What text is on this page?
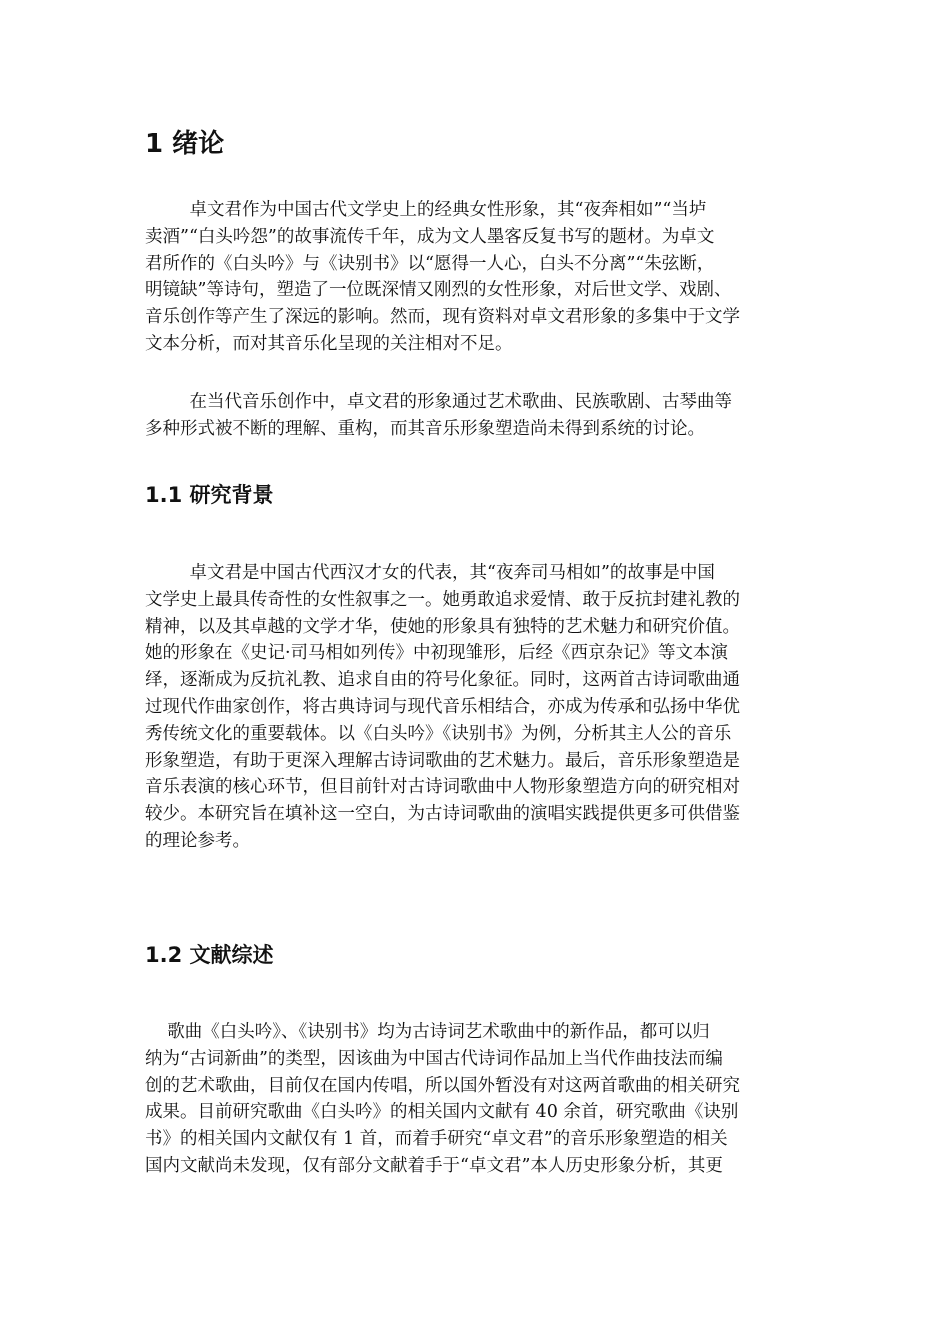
1 绪论
卓文君作为中国古代文学史上的经典女性形象，其“夜奔相如”“当垆
卖酒”“白头吟怨”的故事流传千年，成为文人墨客反复书写的题材。为卓文
君所作的《白头吟》与《诀别书》以“愿得一人心，白头不分离”“朱弦断，
明镜缺”等诗句，塑造了一位既深情又刚烈的女性形象，对后世文学、戏剧、
音乐创作等产生了深远的影响。然而，现有资料对卓文君形象的多集中于文学
文本分析，而对其音乐化呈现的关注相对不足。
在当代音乐创作中，卓文君的形象通过艺术歌曲、民族歌剧、古琴曲等
多种形式被不断的理解、重构，而其音乐形象塑造尚未得到系统的讨论。
1.1 研究背景
卓文君是中国古代西汉才女的代表，其“夜奔司马相如”的故事是中国
文学史上最具传奇性的女性叙事之一。她勇敢追求爱情、敢于反抗封建礼教的
精神，以及其卓越的文学才华，使她的形象具有独特的艺术魅力和研究价值。
她的形象在《史记·司马相如列传》中初现雏形，后经《西京杂记》等文本演
绎，逐渐成为反抗礼教、追求自由的符号化象征。同时，这两首古诗词歌曲通
过现代作曲家创作，将古典诗词与现代音乐相结合，亦成为传承和弘扬中华优
秀传统文化的重要载体。以《白头吟》《诀别书》为例，分析其主人公的音乐
形象塑造，有助于更深入理解古诗词歌曲的艺术魅力。最后，音乐形象塑造是
音乐表演的核心环节，但目前针对古诗词歌曲中人物形象塑造方向的研究相对
较少。本研究旨在填补这一空白，为古诗词歌曲的演唱实践提供更多可供借鉴
的理论参考。
1.2 文献综述
歌曲《白头吟》、《诀别书》均为古诗词艺术歌曲中的新作品，都可以归
纳为“古词新曲”的类型，因该曲为中国古代诗词作品加上当代作曲技法而编
创的艺术歌曲，目前仅在国内传唱，所以国外暂没有对这两首歌曲的相关研究
成果。目前研究歌曲《白头吟》的相关国内文献有 40 余首，研究歌曲《诀别
书》的相关国内文献仅有 1 首，而着手研究“卓文君”的音乐形象塑造的相关
国内文献尚未发现，仅有部分文献着手于“卓文君”本人历史形象分析，其更
